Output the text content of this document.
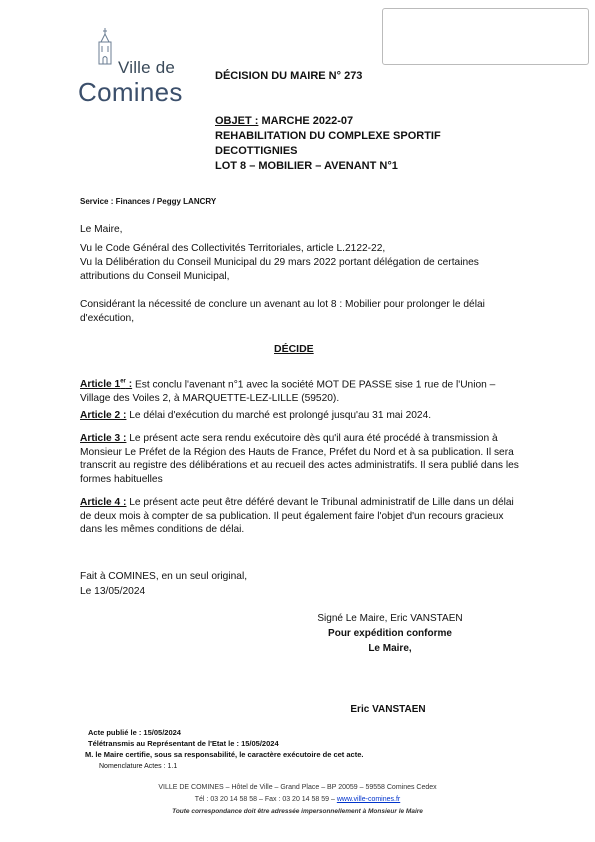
Ville de
Comines
DÉCISION DU MAIRE N° 273
OBJET : MARCHE 2022-07
REHABILITATION DU COMPLEXE SPORTIF
DECOTTIGNIES
LOT 8 – MOBILIER – AVENANT N°1
Service : Finances / Peggy LANCRY
Le Maire,
Vu le Code Général des Collectivités Territoriales, article L.2122-22,
Vu la Délibération du Conseil Municipal du 29 mars 2022 portant délégation de certaines attributions du Conseil Municipal,
Considérant la nécessité de conclure un avenant au lot 8 : Mobilier pour prolonger le délai d'exécution,
DÉCIDE
Article 1er : Est conclu l'avenant n°1 avec la société MOT DE PASSE sise 1 rue de l'Union – Village des Voiles 2, à MARQUETTE-LEZ-LILLE (59520).
Article 2 : Le délai d'exécution du marché est prolongé jusqu'au 31 mai 2024.
Article 3 : Le présent acte sera rendu exécutoire dès qu'il aura été procédé à transmission à Monsieur Le Préfet de la Région des Hauts de France, Préfet du Nord et à sa publication. Il sera transcrit au registre des délibérations et au recueil des actes administratifs. Il sera publié dans les formes habituelles
Article 4 : Le présent acte peut être déféré devant le Tribunal administratif de Lille dans un délai de deux mois à compter de sa publication. Il peut également faire l'objet d'un recours gracieux dans les mêmes conditions de délai.
Fait à COMINES, en un seul original,
Le 13/05/2024
Signé Le Maire, Eric VANSTAEN
Pour expédition conforme
Le Maire,
Eric VANSTAEN
Acte publié le : 15/05/2024
Télétransmis au Représentant de l'Etat le : 15/05/2024
M. le Maire certifie, sous sa responsabilité, le caractère exécutoire de cet acte.
Nomenclature Actes : 1.1
VILLE DE COMINES – Hôtel de Ville – Grand Place – BP 20059 – 59558 Comines Cedex
Tél : 03 20 14 58 58 – Fax : 03 20 14 58 59 – www.ville-comines.fr
Toute correspondance doit être adressée impersonnellement à Monsieur le Maire
